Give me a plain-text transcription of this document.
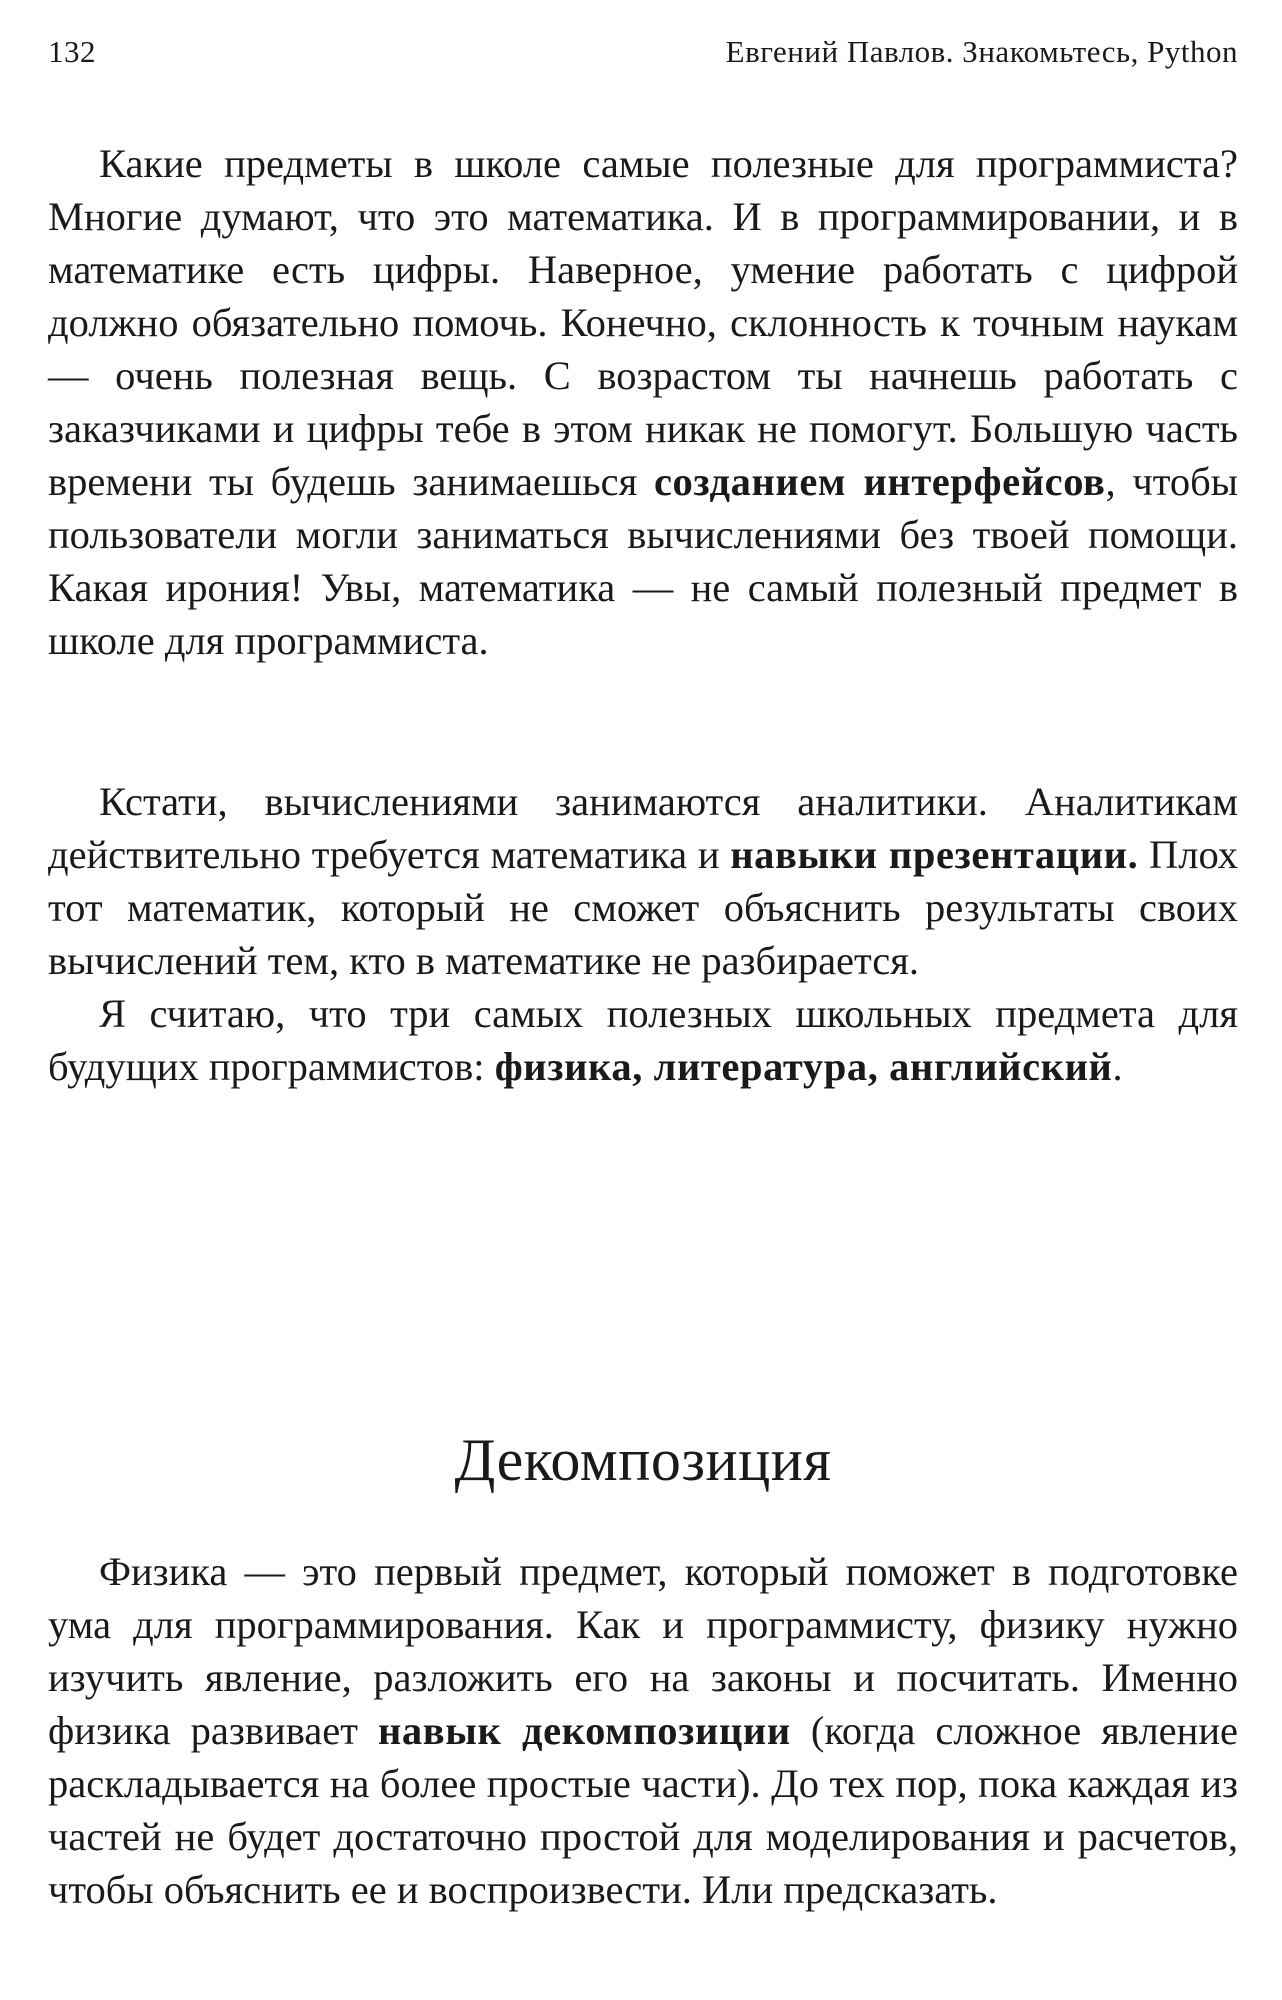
132	Евгений Павлов. Знакомьтесь, Python

Какие предметы в школе самые полезные для программиста? Многие думают, что это математика. И в программировании, и в математике есть цифры. Наверное, умение работать с цифрой должно обязательно помочь. Конечно, склонность к точным наукам — очень полезная вещь. С возрастом ты начнешь работать с заказчиками и цифры тебе в этом никак не помогут. Большую часть времени ты будешь занимаешься созданием интерфейсов, чтобы пользователи могли заниматься вычислениями без твоей помощи. Какая ирония! Увы, математика — не самый полезный предмет в школе для программиста.

Кстати, вычислениями занимаются аналитики. Аналитикам действительно требуется математика и навыки презентации. Плох тот математик, который не сможет объяснить результаты своих вычислений тем, кто в математике не разбирается.

Я считаю, что три самых полезных школьных предмета для будущих программистов: физика, литература, английский.

Декомпозиция

Физика — это первый предмет, который поможет в подготовке ума для программирования. Как и программисту, физику нужно изучить явление, разложить его на законы и посчитать. Именно физика развивает навык декомпозиции (когда сложное явление раскладывается на более простые части). До тех пор, пока каждая из частей не будет достаточно простой для моделирования и расчетов, чтобы объяснить ее и воспроизвести. Или предсказать.
